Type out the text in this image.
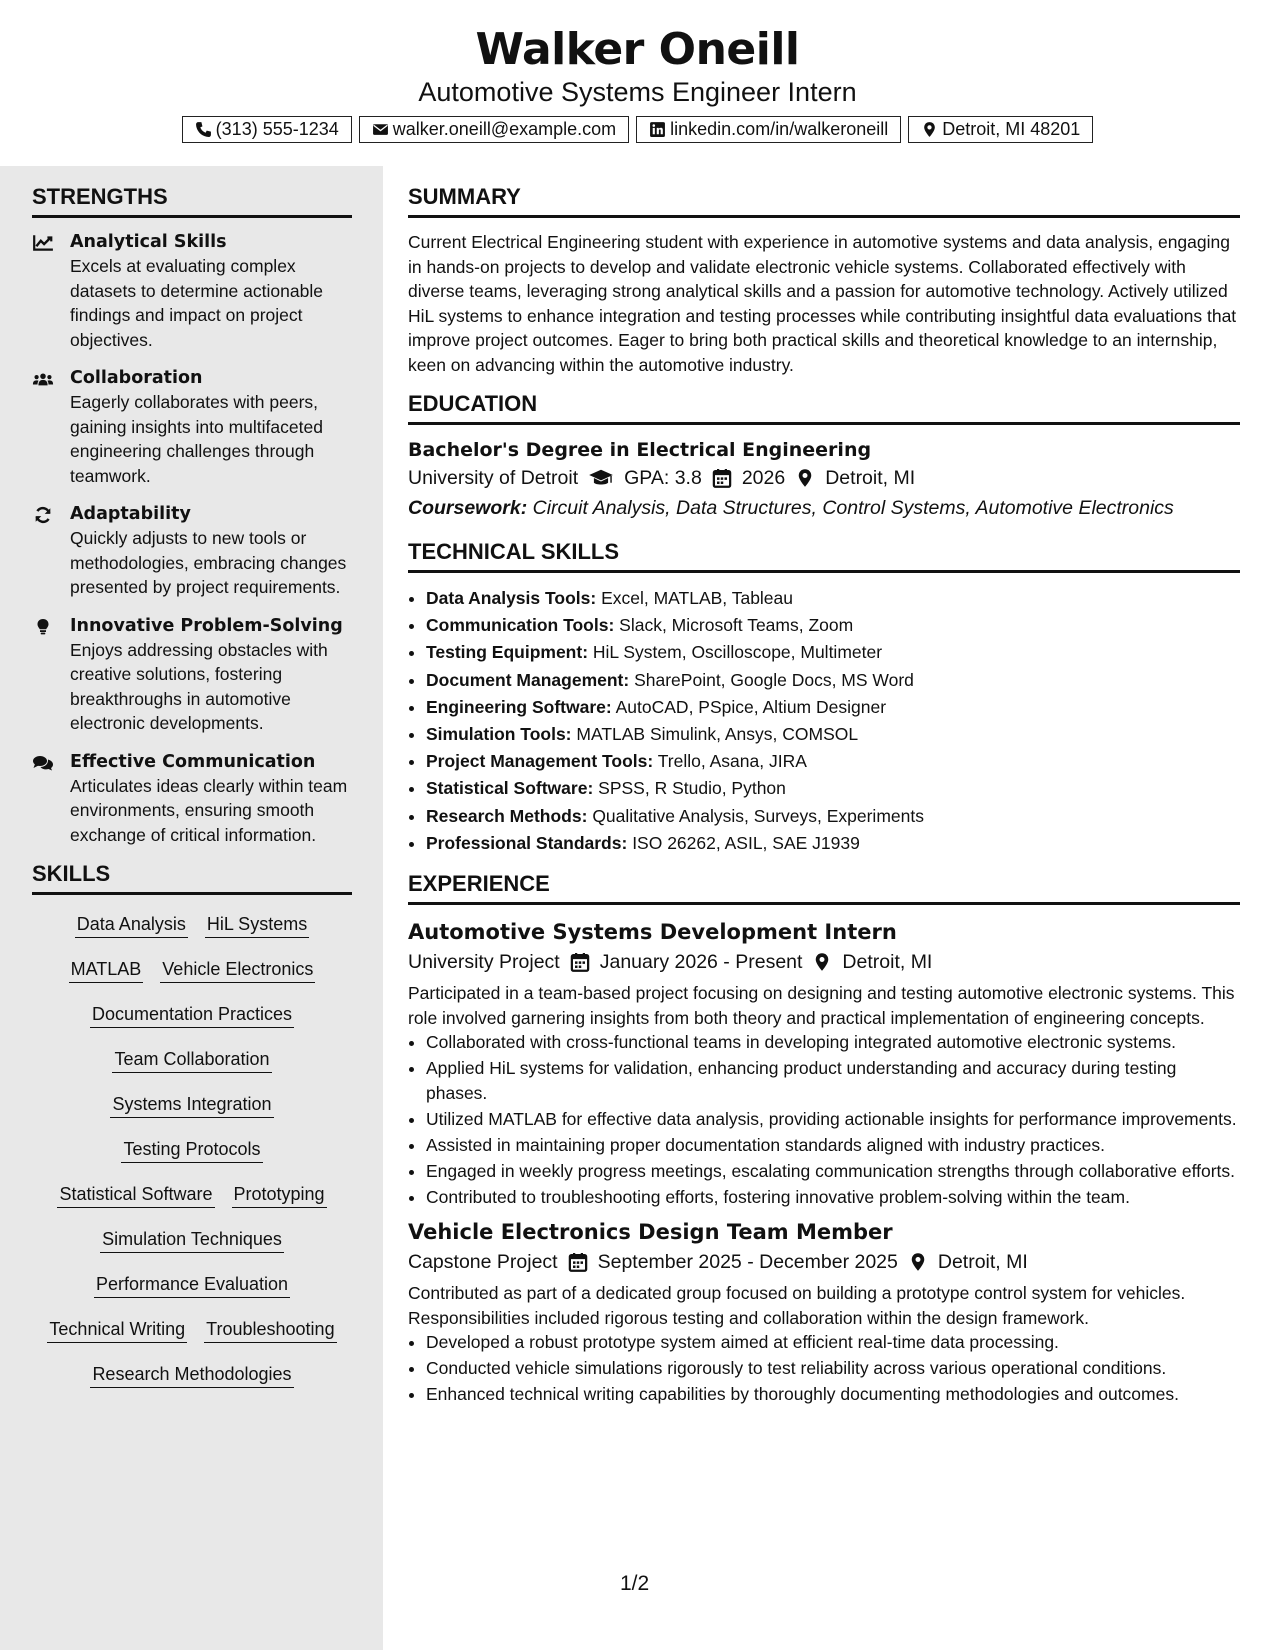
Walker Oneill
Automotive Systems Engineer Intern
(313) 555-1234	walker.oneill@example.com	linkedin.com/in/walkeroneill	Detroit, MI 48201
STRENGTHS
Analytical Skills

Excels at evaluating complex datasets to determine actionable findings and impact on project objectives.

Collaboration

Eagerly collaborates with peers, gaining insights into multifaceted engineering challenges through teamwork.

Adaptability

Quickly adjusts to new tools or methodologies, embracing changes presented by project requirements.

Innovative Problem-Solving

Enjoys addressing obstacles with creative solutions, fostering breakthroughs in automotive electronic developments.

Effective Communication

Articulates ideas clearly within team environments, ensuring smooth exchange of critical information.

SKILLS
Data Analysis HiL Systems
MATLAB Vehicle Electronics
Documentation Practices
Team Collaboration
Systems Integration
Testing Protocols
Statistical Software Prototyping
Simulation Techniques
Performance Evaluation
Technical Writing Troubleshooting
Research Methodologies
SUMMARY

Current Electrical Engineering student with experience in automotive systems and data analysis, engaging in hands-on projects to develop and validate electronic vehicle systems. Collaborated effectively with diverse teams, leveraging strong analytical skills and a passion for automotive technology. Actively utilized HiL systems to enhance integration and testing processes while contributing insightful data evaluations that improve project outcomes. Eager to bring both practical skills and theoretical knowledge to an internship, keen on advancing within the automotive industry.

EDUCATION
Bachelor's Degree in Electrical Engineering
University of Detroit GPA: 3.8 2026 Detroit, MI
Coursework: Circuit Analysis, Data Structures, Control Systems, Automotive Electronics
TECHNICAL SKILLS
• Data Analysis Tools: Excel, MATLAB, Tableau
• Communication Tools: Slack, Microsoft Teams, Zoom
• Testing Equipment: HiL System, Oscilloscope, Multimeter
• Document Management: SharePoint, Google Docs, MS Word
• Engineering Software: AutoCAD, PSpice, Altium Designer
• Simulation Tools: MATLAB Simulink, Ansys, COMSOL
• Project Management Tools: Trello, Asana, JIRA
• Statistical Software: SPSS, R Studio, Python
• Research Methods: Qualitative Analysis, Surveys, Experiments
• Professional Standards: ISO 26262, ASIL, SAE J1939
EXPERIENCE
Automotive Systems Development Intern
University Project January 2026 - Present Detroit, MI

Participated in a team-based project focusing on designing and testing automotive electronic systems. This role involved garnering insights from both theory and practical implementation of engineering concepts.

• Collaborated with cross-functional teams in developing integrated automotive electronic systems.
• Applied HiL systems for validation, enhancing product understanding and accuracy during testing phases.
• Utilized MATLAB for effective data analysis, providing actionable insights for performance improvements.
• Assisted in maintaining proper documentation standards aligned with industry practices.
• Engaged in weekly progress meetings, escalating communication strengths through collaborative efforts.
• Contributed to troubleshooting efforts, fostering innovative problem-solving within the team.
Vehicle Electronics Design Team Member
Capstone Project September 2025 - December 2025 Detroit, MI

Contributed as part of a dedicated group focused on building a prototype control system for vehicles. Responsibilities included rigorous testing and collaboration within the design framework.

• Developed a robust prototype system aimed at efficient real-time data processing.
• Conducted vehicle simulations rigorously to test reliability across various operational conditions.
• Enhanced technical writing capabilities by thoroughly documenting methodologies and outcomes.
1/2
